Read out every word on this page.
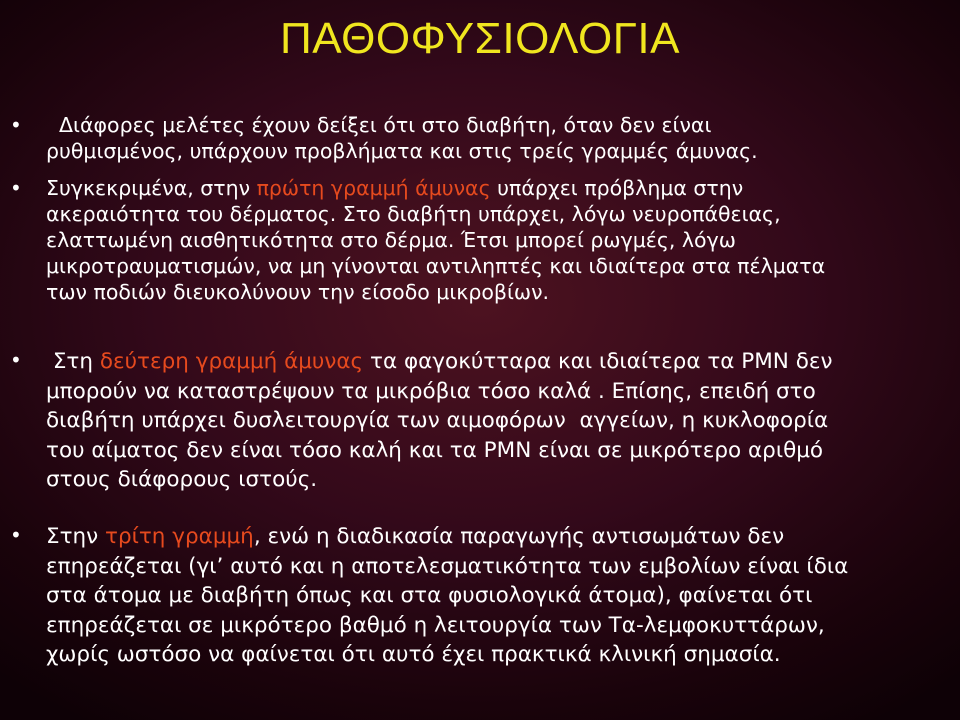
ΠΑΘΟΦΥΣΙΟΛΟΓΙΑ
• Διάφορες μελέτες έχουν δείξει ότι στο διαβήτη, όταν δεν είναι
ρυθμισμένος, υπάρχουν προβλήματα και στις τρείς γραμμές άμυνας.
• Συγκεκριμένα, στην πρώτη γραμμή άμυνας υπάρχει πρόβλημα στην
ακεραιότητα του δέρματος. Στο διαβήτη υπάρχει, λόγω νευροπάθειας,
ελαττωμένη αισθητικότητα στο δέρμα. Έτσι μπορεί ρωγμές, λόγω
μικροτραυματισμών, να μη γίνονται αντιληπτές και ιδιαίτερα στα πέλματα
των ποδιών διευκολύνουν την είσοδο μικροβίων.
• Στη δεύτερη γραμμή άμυνας τα φαγοκύτταρα και ιδιαίτερα τα PMN δεν
μπορούν να καταστρέψουν τα μικρόβια τόσο καλά . Επίσης, επειδή στο
διαβήτη υπάρχει δυσλειτουργία των αιμοφόρων  αγγείων, η κυκλοφορία
του αίματος δεν είναι τόσο καλή και τα PMN είναι σε μικρότερο αριθμό
στους διάφορους ιστούς.
• Στην τρίτη γραμμή, ενώ η διαδικασία παραγωγής αντισωμάτων δεν
επηρεάζεται (γι’ αυτό και η αποτελεσματικότητα των εμβολίων είναι ίδια
στα άτομα με διαβήτη όπως και στα φυσιολογικά άτομα), φαίνεται ότι
επηρεάζεται σε μικρότερο βαθμό η λειτουργία των Τα-λεμφοκυττάρων,
χωρίς ωστόσο να φαίνεται ότι αυτό έχει πρακτικά κλινική σημασία.
